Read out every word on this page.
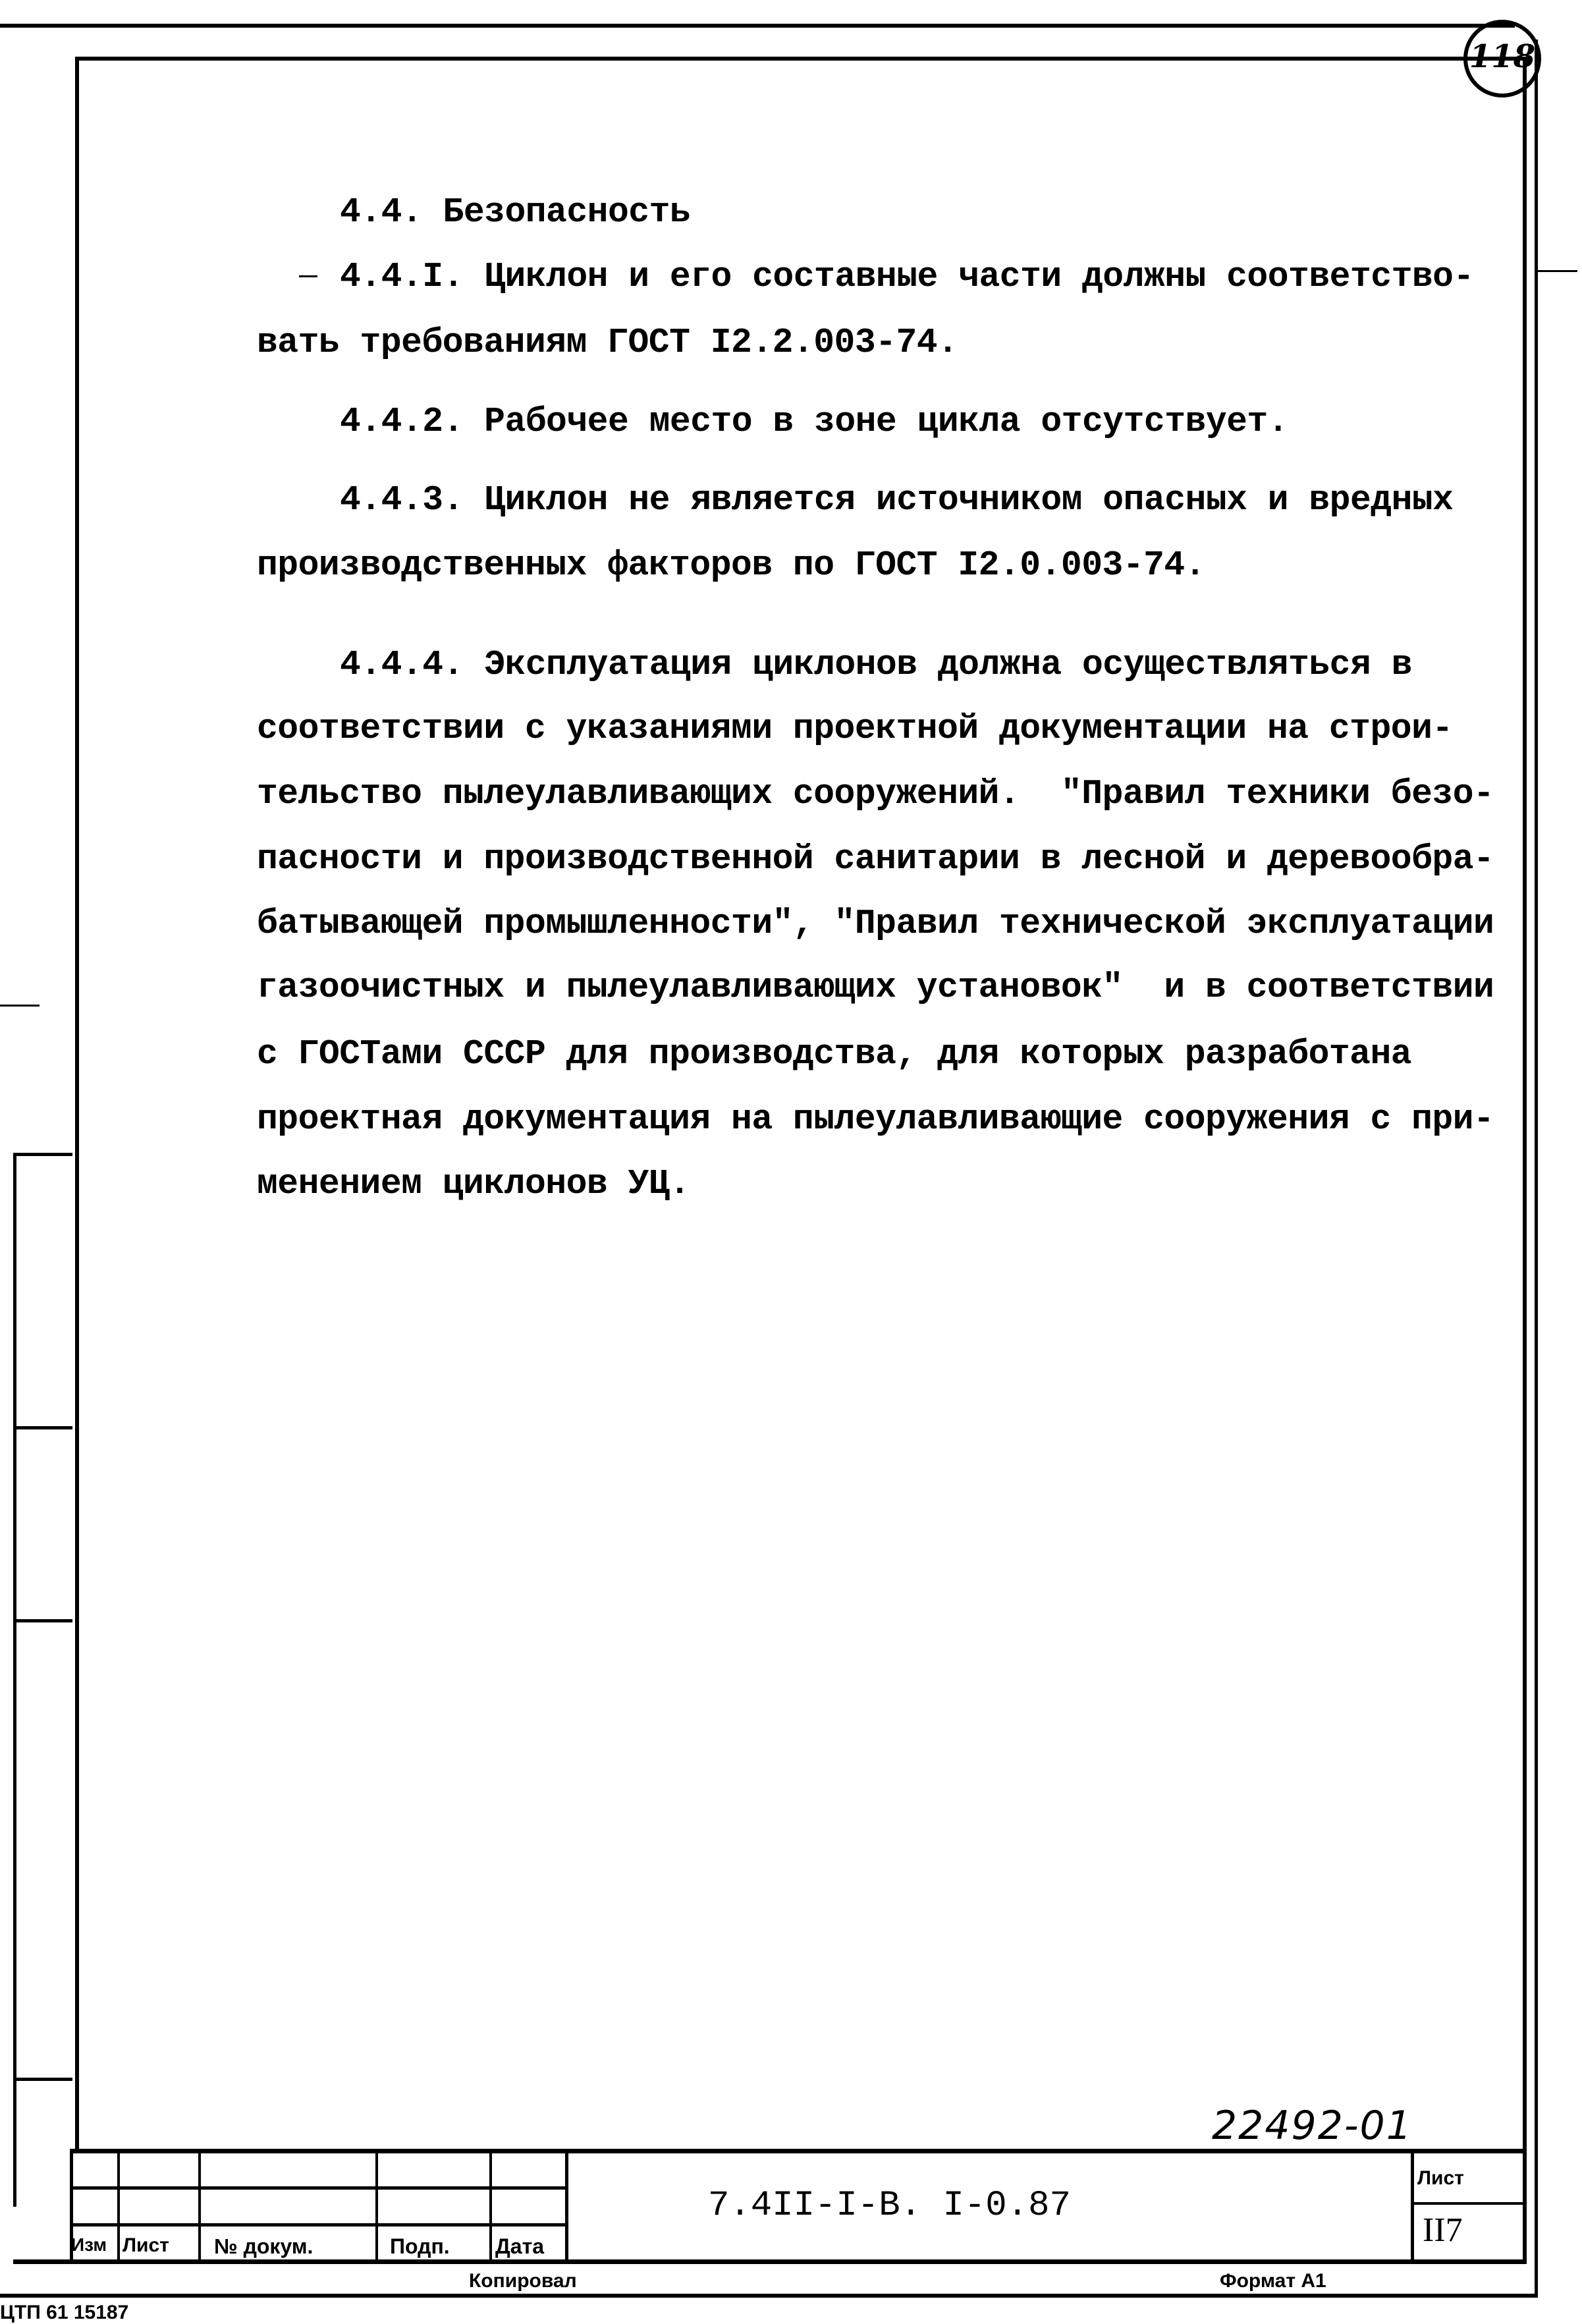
118
4.4. Безопасность
4.4.I. Циклон и его составные части должны соответство-
вать требованиям ГОСТ I2.2.003-74.
4.4.2. Рабочее место в зоне цикла отсутствует.
4.4.3. Циклон не является источником опасных и вредных
производственных факторов по ГОСТ I2.0.003-74.
4.4.4. Эксплуатация циклонов должна осуществляться в
соответствии с указаниями проектной документации на строи-
тельство пылеулавливающих сооружений.  "Правил техники безо-
пасности и производственной санитарии в лесной и деревообра-
батывающей промышленности", "Правил технической эксплуатации
газоочистных и пылеулавливающих установок"  и в соответствии
с ГОСТами СССР для производства, для которых разработана
проектная документация на пылеулавливающие сооружения с при-
менением циклонов УЦ.
22492-01
Изм Лист № докум.	Подп. Дата
7.4II-I-В. I-0.87
Лист
II7
Копировал	Формат А1
ЦТП 61 15187
